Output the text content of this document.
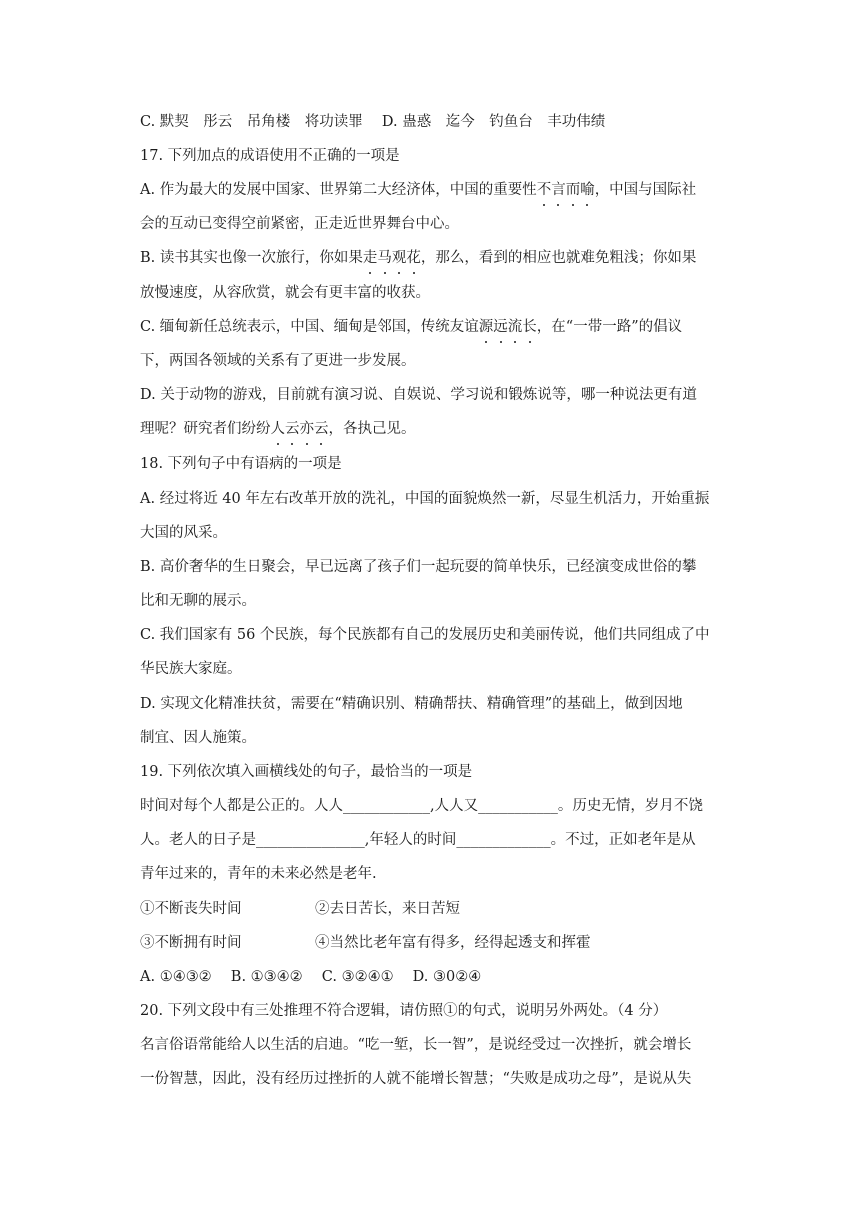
C. 默契　彤云　吊角楼　将功读罪　 D. 蛊惑　迄今　钓鱼台　丰功伟绩
17. 下列加点的成语使用不正确的一项是
A. 作为最大的发展中国家、世界第二大经济体，中国的重要性不言而喻，中国与国际社
会的互动已变得空前紧密，正走近世界舞台中心。
B. 读书其实也像一次旅行，你如果走马观花，那么，看到的相应也就难免粗浅；你如果
放慢速度，从容欣赏，就会有更丰富的收获。
C. 缅甸新任总统表示，中国、缅甸是邻国，传统友谊源远流长，在“一带一路”的倡议
下，两国各领域的关系有了更进一步发展。
D. 关于动物的游戏，目前就有演习说、自娱说、学习说和锻炼说等，哪一种说法更有道
理呢？研究者们纷纷人云亦云，各执己见。
18. 下列句子中有语病的一项是
A. 经过将近 40 年左右改革开放的洗礼，中国的面貌焕然一新，尽显生机活力，开始重振
大国的风采。
B. 高价奢华的生日聚会，早已远离了孩子们一起玩耍的简单快乐，已经演变成世俗的攀
比和无聊的展示。
C. 我们国家有 56 个民族，每个民族都有自己的发展历史和美丽传说，他们共同组成了中
华民族大家庭。
D. 实现文化精准扶贫，需要在“精确识别、精确帮扶、精确管理”的基础上，做到因地
制宜、因人施策。
19. 下列依次填入画横线处的句子，最恰当的一项是
时间对每个人都是公正的。人人____________,人人又___________。历史无情，岁月不饶
人。老人的日子是_______________,年轻人的时间_____________。不过，正如老年是从
青年过来的，青年的未来必然是老年.
①不断丧失时间	②去日苦长，来日苦短
③不断拥有时间	④当然比老年富有得多，经得起透支和挥霍
A. ①④③②　 B. ①③④②　 C. ③②④①　 D. ③0②④
20. 下列文段中有三处推理不符合逻辑，请仿照①的句式，说明另外两处。（4 分）
名言俗语常能给人以生活的启迪。“吃一堑，长一智”，是说经受过一次挫折，就会增长
一份智慧，因此，没有经历过挫折的人就不能增长智慧；“失败是成功之母”，是说从失
